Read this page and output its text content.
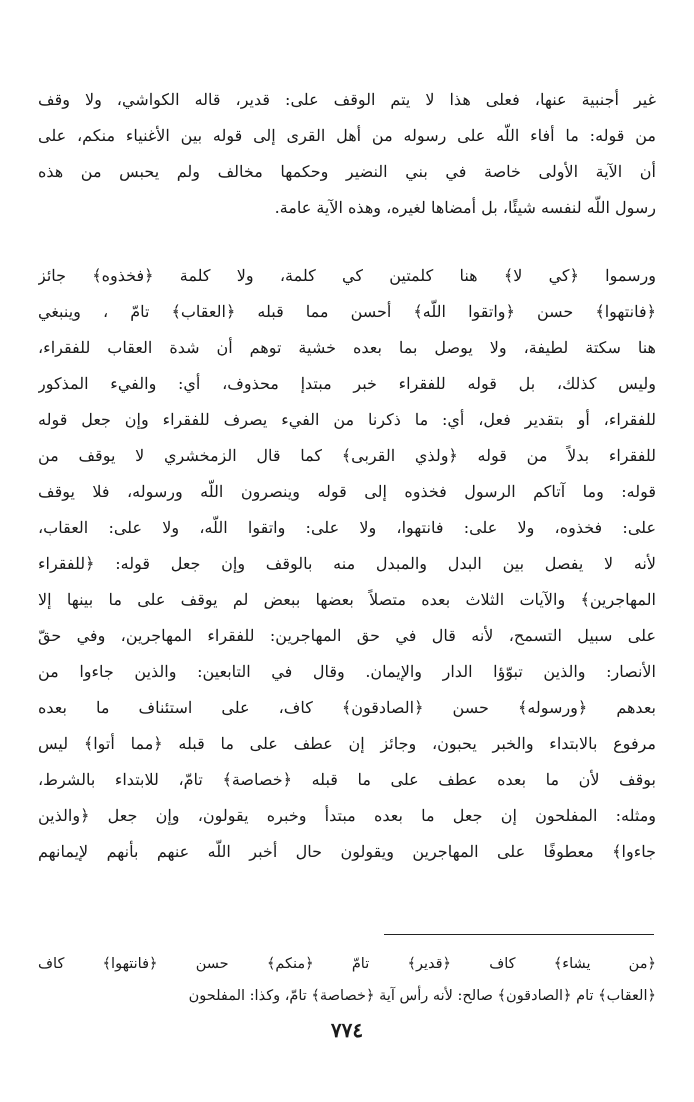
غير أجنبية عنها، فعلى هذا لا يتم الوقف على: قدير، قاله الكواشي، ولا وقف
من قوله: ما أفاء اللّه على رسوله من أهل القرى إلى قوله بين الأغنياء منكم، على
أن الآية الأولى خاصة في بني النضير وحكمها مخالف ولم يحبس من هذه
رسول اللّه لنفسه شيئًا، بل أمضاها لغيره، وهذه الآية عامة.
ورسموا ﴿كي لا﴾ هنا كلمتين كي كلمة، ولا كلمة ﴿فخذوه﴾ جائز
﴿فانتهوا﴾ حسن ﴿واتقوا اللّه﴾ أحسن مما قبله ﴿العقاب﴾ تامّ ، وينبغي
هنا سكتة لطيفة، ولا يوصل بما بعده خشية توهم أن شدة العقاب للفقراء،
وليس كذلك، بل قوله للفقراء خبر مبتدإ محذوف، أي: والفيء المذكور
للفقراء، أو بتقدير فعل، أي: ما ذكرنا من الفيء يصرف للفقراء وإن جعل قوله
للفقراء بدلاً من قوله ﴿ولذي القربى﴾ كما قال الزمخشري لا يوقف من
قوله: وما آتاكم الرسول فخذوه إلى قوله وينصرون اللّه ورسوله، فلا يوقف
على: فخذوه، ولا على: فانتهوا، ولا على: واتقوا اللّه، ولا على: العقاب،
لأنه لا يفصل بين البدل والمبدل منه بالوقف وإن جعل قوله: ﴿للفقراء
المهاجرين﴾ والآيات الثلاث بعده متصلاً بعضها ببعض لم يوقف على ما بينها إلا
على سبيل التسمح، لأنه قال في حق المهاجرين: للفقراء المهاجرين، وفي حقّ
الأنصار: والذين تبوّؤا الدار والإيمان. وقال في التابعين: والذين جاءوا من
بعدهم ﴿ورسوله﴾ حسن ﴿الصادقون﴾ كاف، على استئناف ما بعده
مرفوع بالابتداء والخبر يحبون، وجائز إن عطف على ما قبله ﴿مما أتوا﴾ ليس
بوقف لأن ما بعده عطف على ما قبله ﴿خصاصة﴾ تامّ، للابتداء بالشرط،
ومثله: المفلحون إن جعل ما بعده مبتدأ وخبره يقولون، وإن جعل ﴿والذين
جاءوا﴾ معطوفًا على المهاجرين ويقولون حال أخبر اللّه عنهم بأنهم لإيمانهم
﴿من يشاء﴾ كاف ﴿قدير﴾ تامّ ﴿منكم﴾ حسن ﴿فانتهوا﴾ كاف
﴿العقاب﴾ تام ﴿الصادقون﴾ صالح: لأنه رأس آية ﴿خصاصة﴾ تامّ، وكذا: المفلحون
٧٧٤
